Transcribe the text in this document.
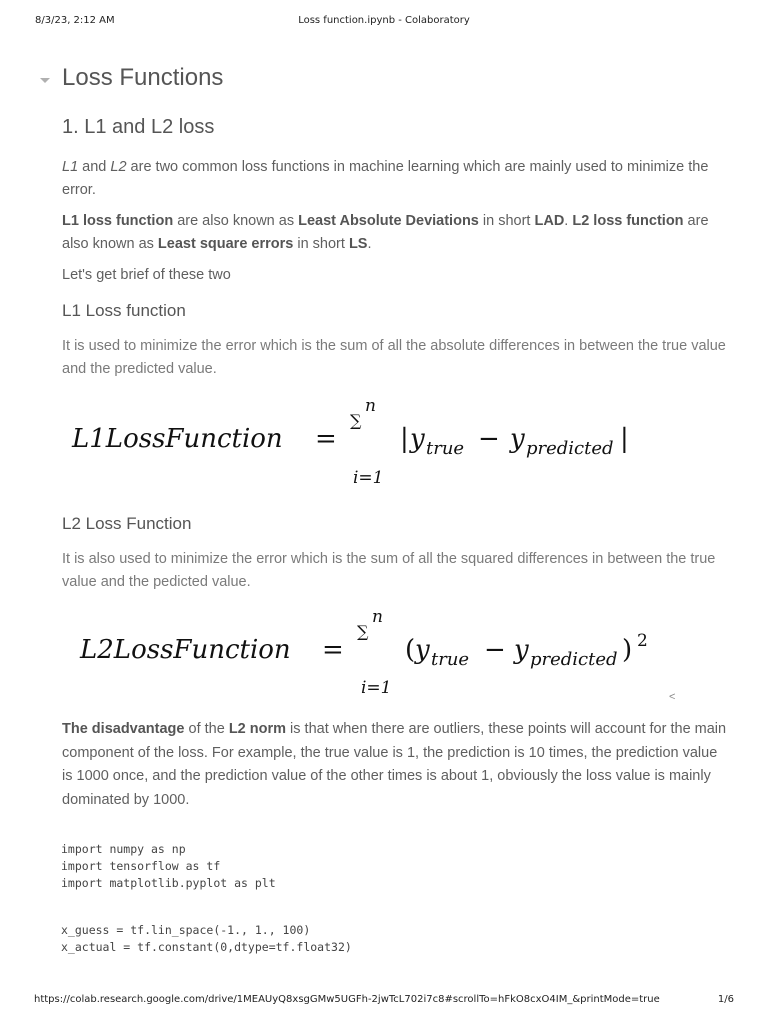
8/3/23, 2:12 AM	Loss function.ipynb - Colaboratory
Loss Functions
1. L1 and L2 loss
L1 and L2 are two common loss functions in machine learning which are mainly used to minimize the error.
L1 loss function are also known as Least Absolute Deviations in short LAD. L2 loss function are also known as Least square errors in short LS.
Let's get brief of these two
L1 Loss function
It is used to minimize the error which is the sum of all the absolute differences in between the true value and the predicted value.
L1LossFunction =
n
∑
i=1
| y true − y predicted |
L2 Loss Function
It is also used to minimize the error which is the sum of all the squared differences in between the true value and the pedicted value.
L2LossFunction =
n
∑
i=1
( y true − y predicted ) 2
<
The disadvantage of the L2 norm is that when there are outliers, these points will account for the main component of the loss. For example, the true value is 1, the prediction is 10 times, the prediction value is 1000 once, and the prediction value of the other times is about 1, obviously the loss value is mainly dominated by 1000.
import numpy as np
import tensorflow as tf
import matplotlib.pyplot as plt
x_guess = tf.lin_space(-1., 1., 100)
x_actual = tf.constant(0,dtype=tf.float32)
https://colab.research.google.com/drive/1MEAUyQ8xsgGMw5UGFh-2jwTcL702i7c8#scrollTo=hFkO8cxO4IM_&printMode=true	1/6
